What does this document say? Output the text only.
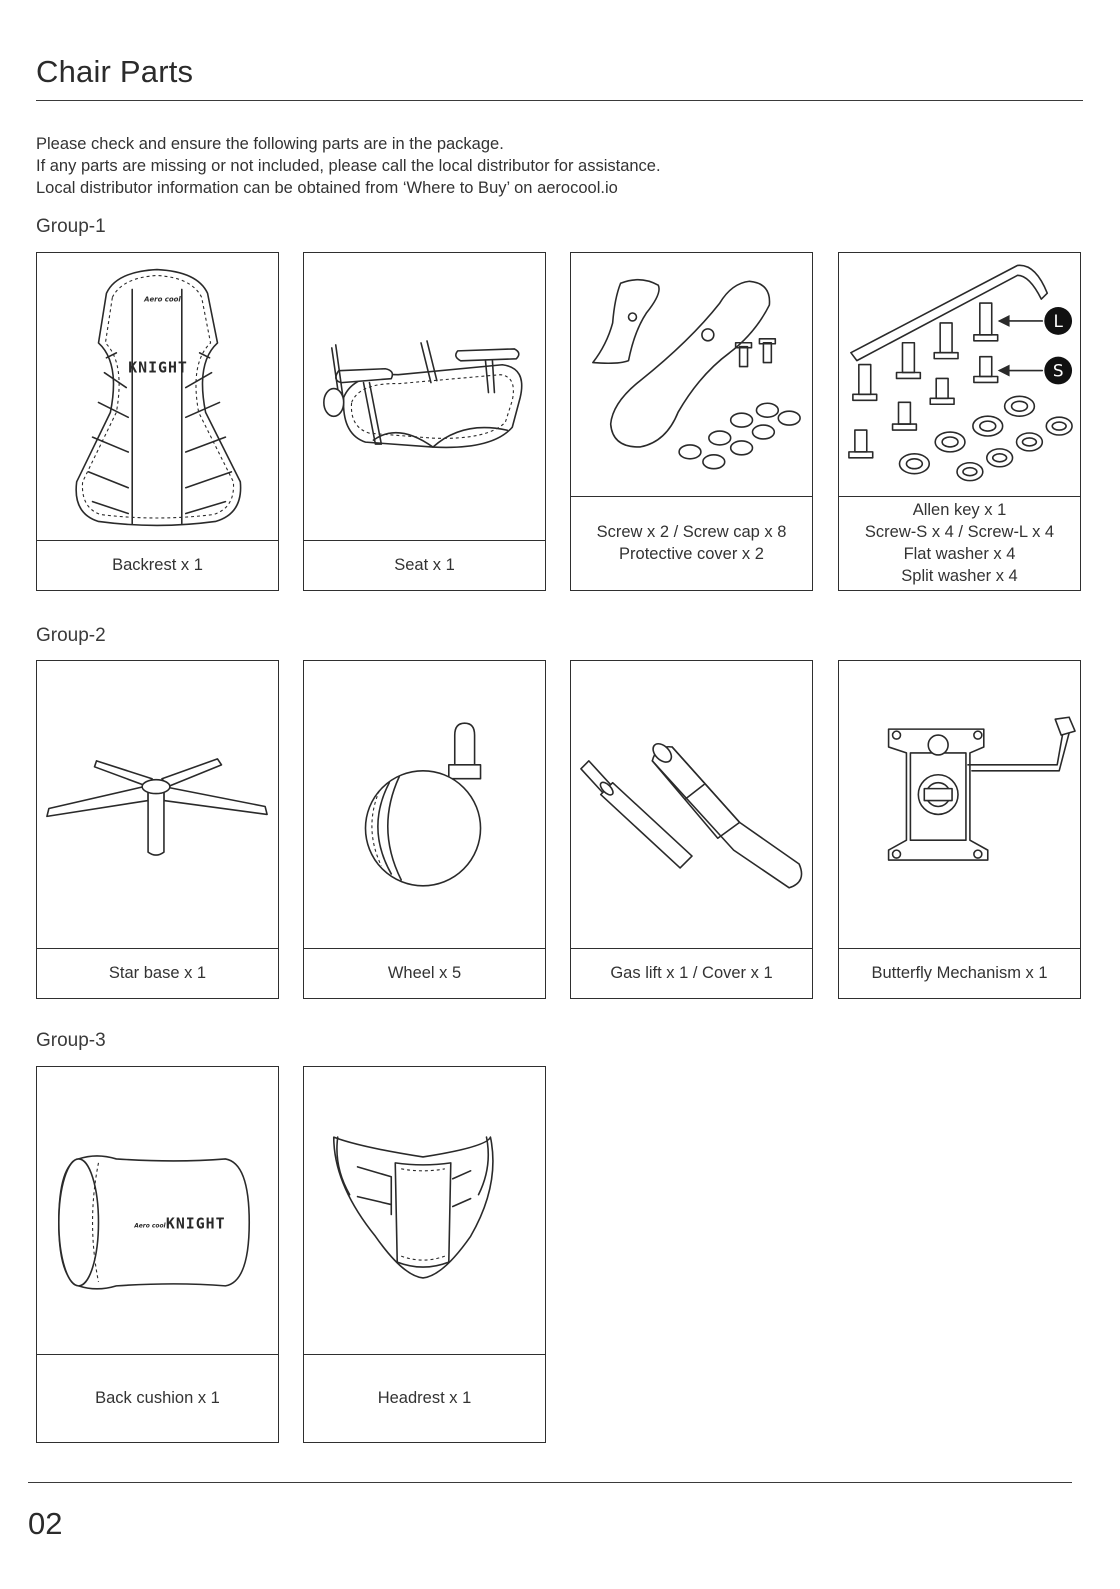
Chair Parts
Please check and ensure the following parts are in the package.
If any parts are missing or not included, please call the local distributor for assistance.
Local distributor information can be obtained from ‘Where to Buy’ on aerocool.io
Group-1
KNIGHT
Aero cool
Backrest x 1	Seat x 1
Screw x 2 / Screw cap x 8
Protective cover x 2
L
S
Allen key x 1
Screw-S x 4 / Screw-L x 4
Flat washer x 4
Split washer x 4
Group-2
Star base x 1	Wheel x 5	Gas lift x 1 / Cover x 1	Butterfly Mechanism x 1
Group-3
Aero cool KNIGHT
Back cushion x 1	Headrest x 1
02
